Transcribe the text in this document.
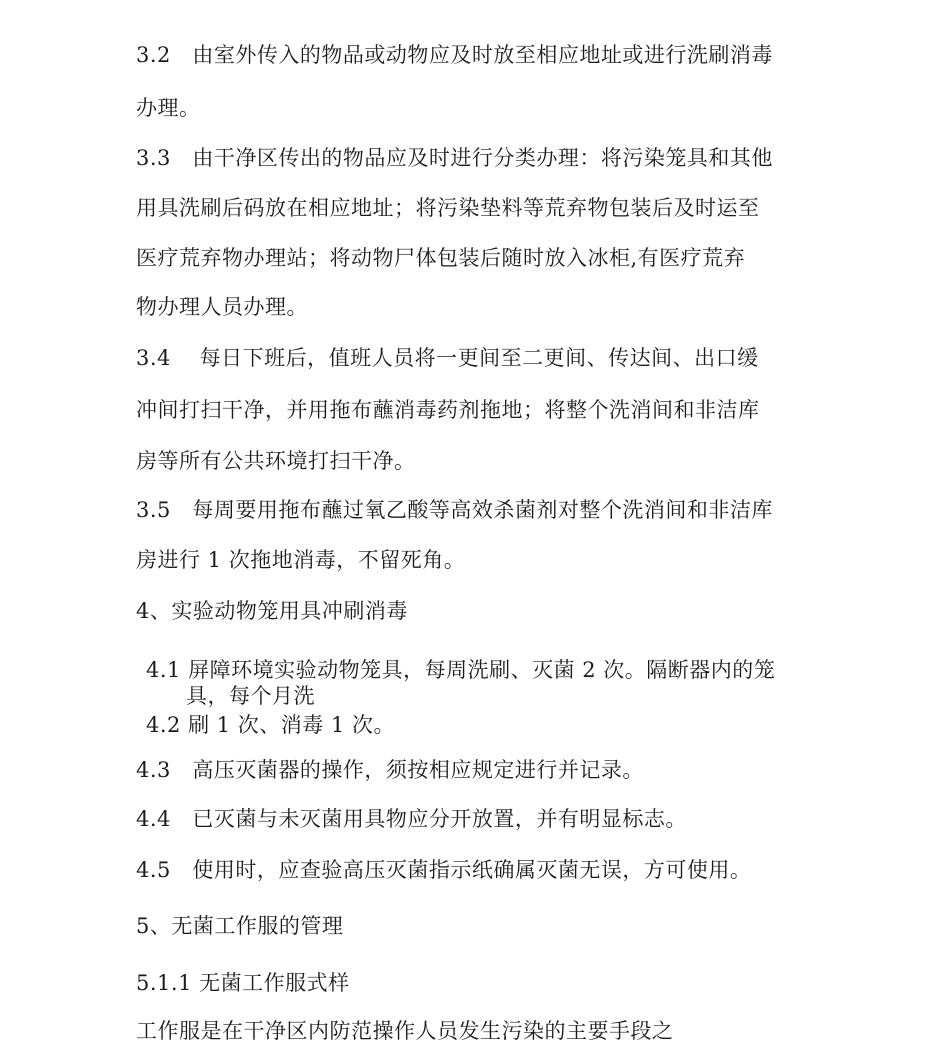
3.2　由室外传入的物品或动物应及时放至相应地址或进行洗刷消毒
办理。
3.3　由干净区传出的物品应及时进行分类办理：将污染笼具和其他
用具洗刷后码放在相应地址；将污染垫料等荒弃物包装后及时运至
医疗荒弃物办理站；将动物尸体包装后随时放入冰柜,有医疗荒弃
物办理人员办理。
3.4　 每日下班后，值班人员将一更间至二更间、传达间、出口缓
冲间打扫干净，并用拖布蘸消毒药剂拖地；将整个洗消间和非洁库
房等所有公共环境打扫干净。
3.5　每周要用拖布蘸过氧乙酸等高效杀菌剂对整个洗消间和非洁库
房进行 1 次拖地消毒，不留死角。
4、实验动物笼用具冲刷消毒
4.1 屏障环境实验动物笼具，每周洗刷、灭菌 2 次。隔断器内的笼
具，每个月洗
4.2 刷 1 次、消毒 1 次。
4.3　高压灭菌器的操作，须按相应规定进行并记录。
4.4　已灭菌与未灭菌用具物应分开放置，并有明显标志。
4.5　使用时，应查验高压灭菌指示纸确属灭菌无误，方可使用。
5、无菌工作服的管理
5.1.1 无菌工作服式样
工作服是在干净区内防范操作人员发生污染的主要手段之
